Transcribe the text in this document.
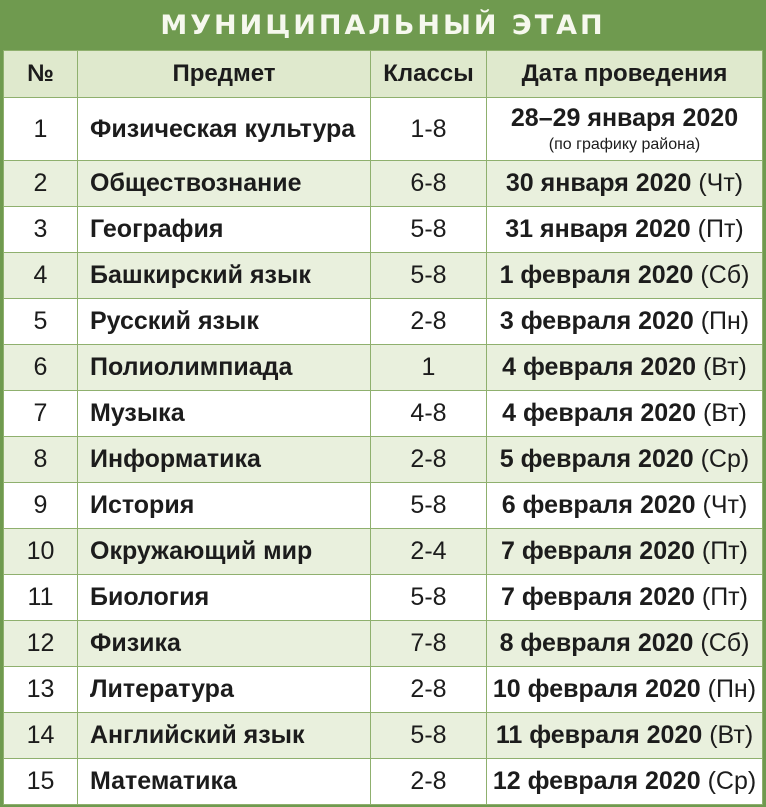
МУНИЦИПАЛЬНЫЙ ЭТАП
№	Предмет	Классы	Дата проведения
1	Физическая культура	1-8	28–29 января 2020
(по графику района)

2	Обществознание	6-8	30 января 2020 (Чт)
3	География	5-8	31 января 2020 (Пт)
4	Башкирский язык	5-8	1 февраля 2020 (Сб)
5	Русский язык	2-8	3 февраля 2020 (Пн)
6	Полиолимпиада	1	4 февраля 2020 (Вт)
7	Музыка	4-8	4 февраля 2020 (Вт)
8	Информатика	2-8	5 февраля 2020 (Ср)
9	История	5-8	6 февраля 2020 (Чт)
10	Окружающий мир	2-4	7 февраля 2020 (Пт)
11	Биология	5-8	7 февраля 2020 (Пт)
12	Физика	7-8	8 февраля 2020 (Сб)
13	Литература	2-8	10 февраля 2020 (Пн)
14	Английский язык	5-8	11 февраля 2020 (Вт)
15	Математика	2-8	12 февраля 2020 (Ср)
